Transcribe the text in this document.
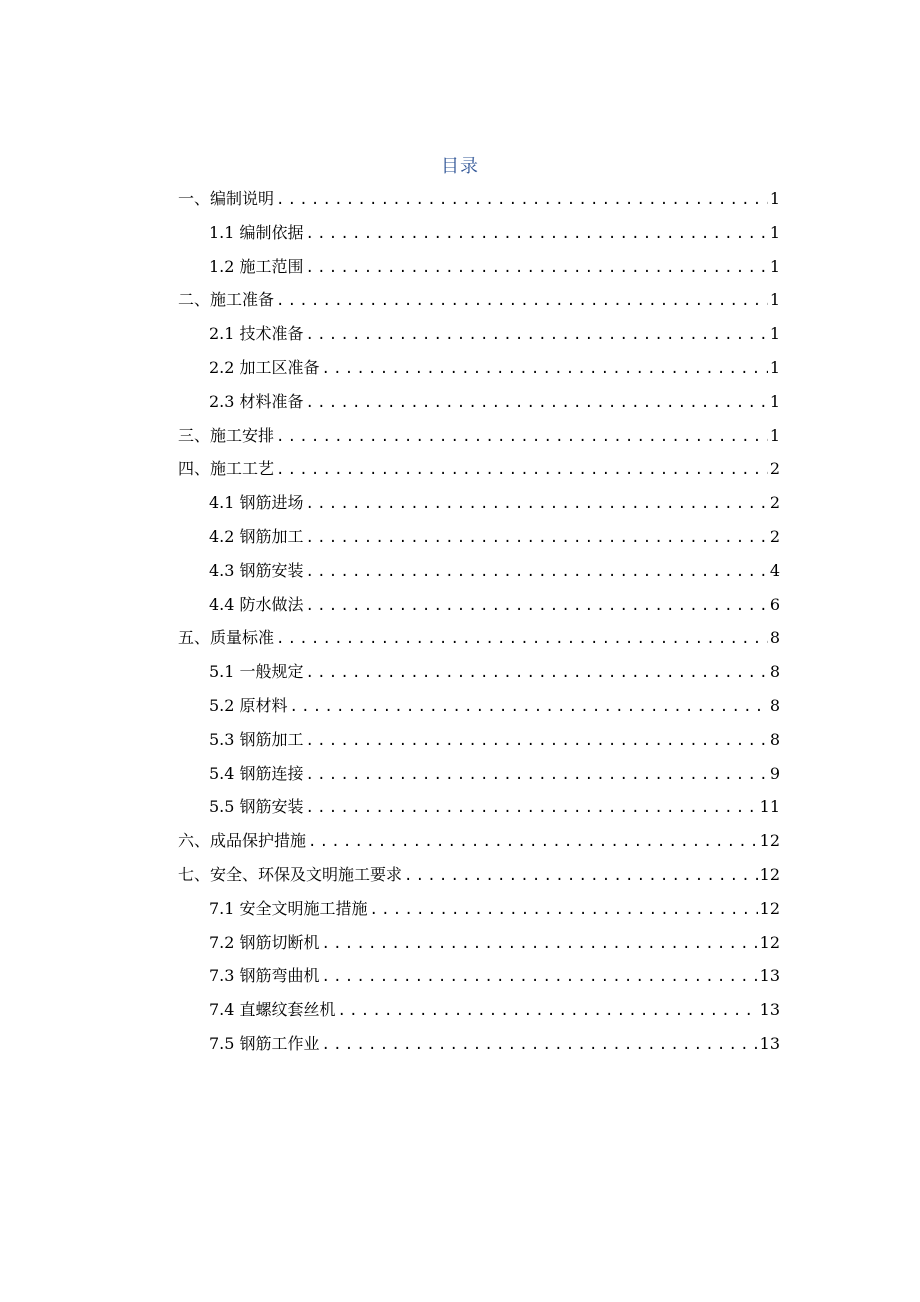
目录
一、编制说明 .....	1
1.1 编制依据 .....	1
1.2 施工范围 .....	1
二、施工准备 .....	1
2.1 技术准备 .....	1
2.2 加工区准备 .....	1
2.3 材料准备 .....	1
三、施工安排 .....	1
四、施工工艺 .....	2
4.1 钢筋进场 .....	2
4.2 钢筋加工 .....	2
4.3 钢筋安装 .....	4
4.4 防水做法 .....	6
五、质量标准 .....	8
5.1 一般规定 .....	8
5.2 原材料 .....	8
5.3 钢筋加工 .....	8
5.4 钢筋连接 .....	9
5.5 钢筋安装 .....	11
六、成品保护措施 .....	12
七、安全、环保及文明施工要求 .....	12
7.1 安全文明施工措施 .....	12
7.2 钢筋切断机 .....	12
7.3 钢筋弯曲机 .....	13
7.4 直螺纹套丝机 .....	13
7.5 钢筋工作业 .....	13
